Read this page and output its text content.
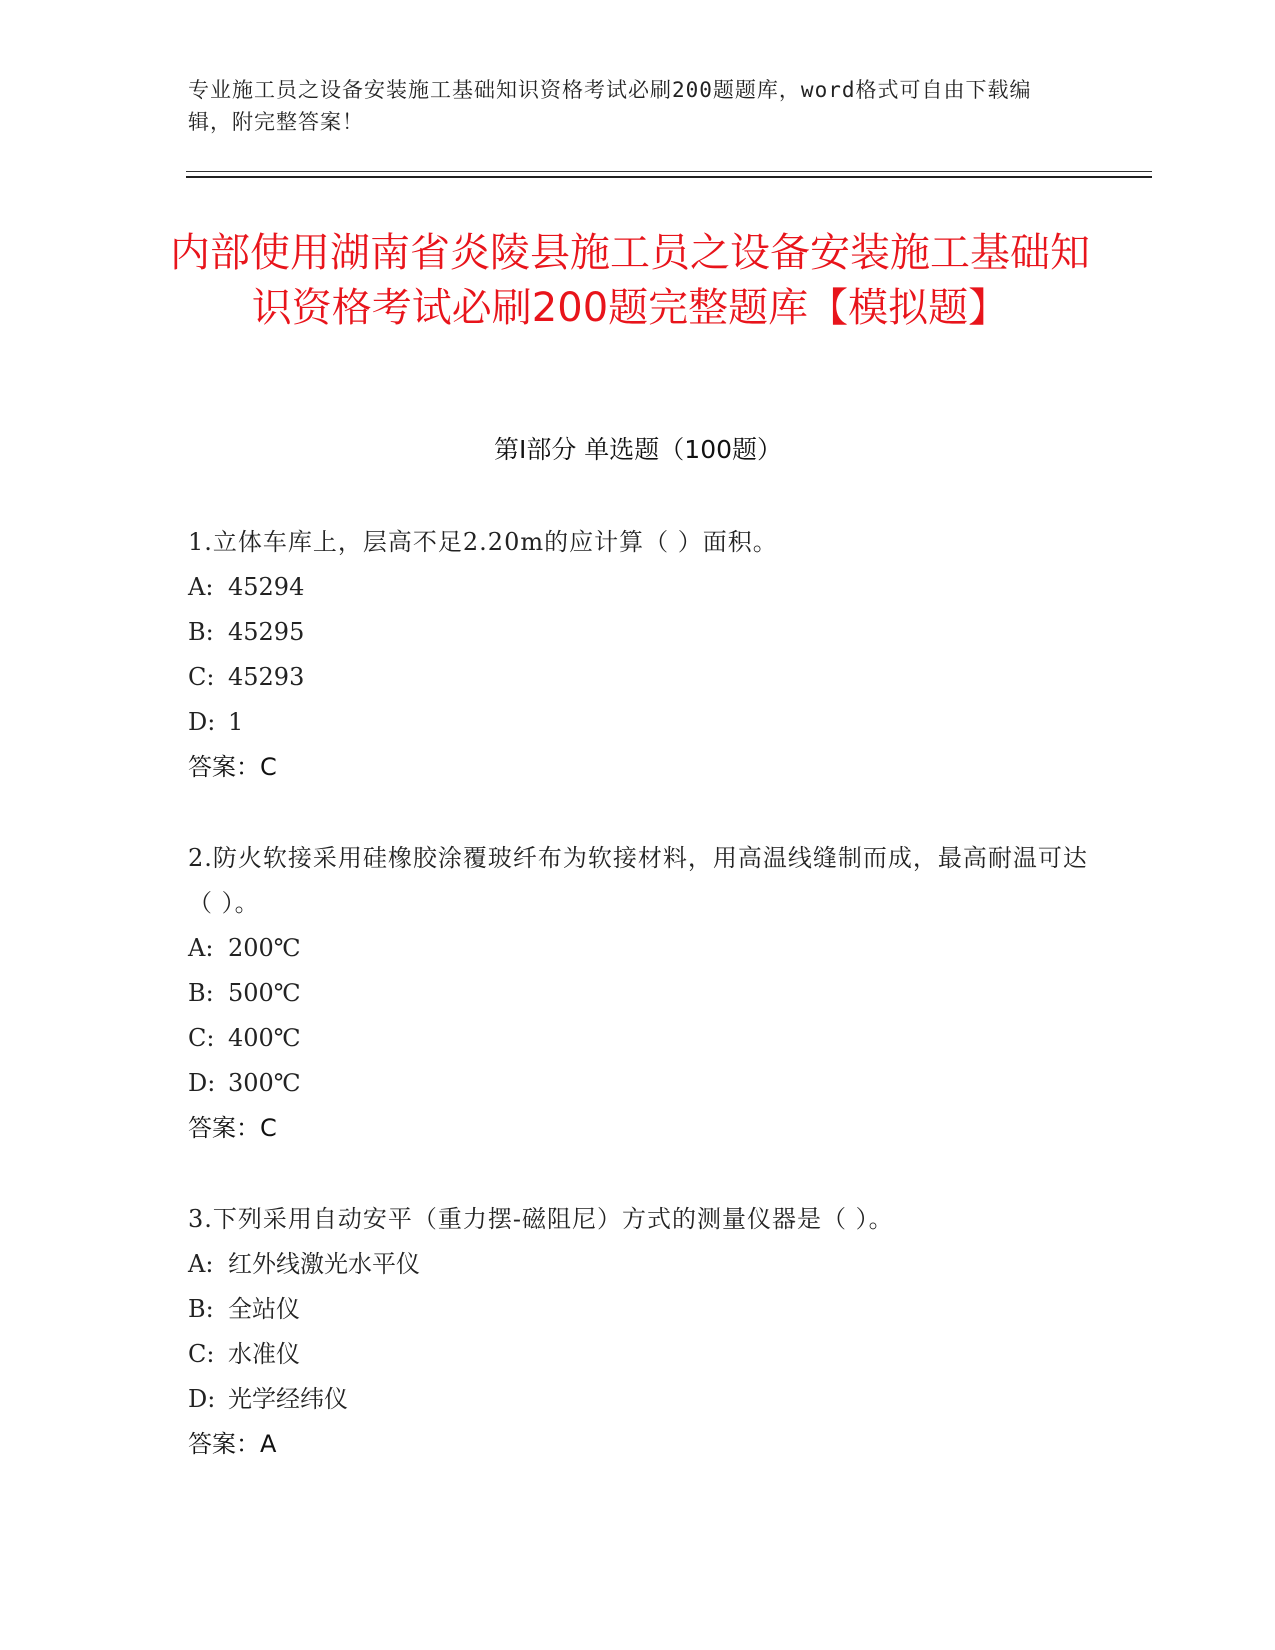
专业施工员之设备安装施工基础知识资格考试必刷200题题库，word格式可自由下载编辑，附完整答案！
内部使用湖南省炎陵县施工员之设备安装施工基础知识资格考试必刷200题完整题库【模拟题】
第Ⅰ部分 单选题（100题）
1.立体车库上，层高不足2.20m的应计算（ ）面积。
A: 45294
B: 45295
C: 45293
D: 1
答案：C
2.防火软接采用硅橡胶涂覆玻纤布为软接材料，用高温线缝制而成，最高耐温可达（ ）。
A: 200℃
B: 500℃
C: 400℃
D: 300℃
答案：C
3.下列采用自动安平（重力摆-磁阻尼）方式的测量仪器是（ ）。
A: 红外线激光水平仪
B: 全站仪
C: 水准仪
D: 光学经纬仪
答案：A
